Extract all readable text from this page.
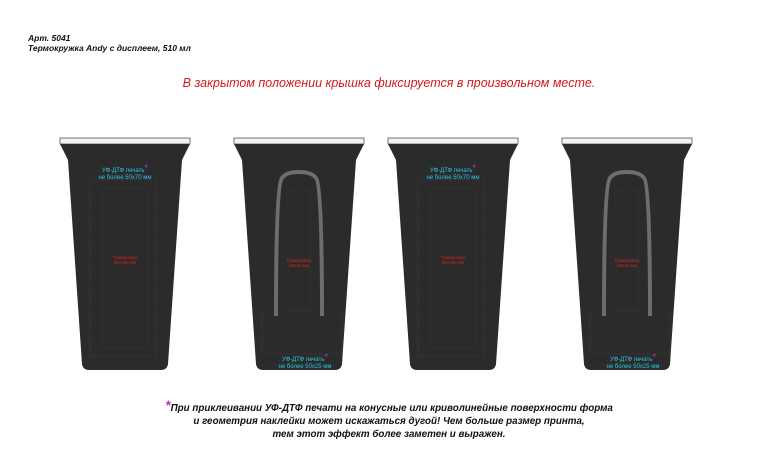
Арт. 5041
Термокружка Andy с дисплеем, 510 мл
В закрытом положении крышка фиксируется в произвольном месте.
УФ-ДТФ печать*
не более 50х70 мм
Гравировка
50х100 мм	Гравировка
50х50 мм
УФ-ДТФ печать*
не более 50х25 мм
УФ-ДТФ печать*
не более 50х70 мм
Гравировка
50х100 мм	Гравировка
50х50 мм
УФ-ДТФ печать*
не более 50х25 мм
*При приклеивании УФ-ДТФ печати на конусные или криволинейные поверхности форма
и геометрия наклейки может искажаться дугой! Чем больше размер принта,
тем этот эффект более заметен и выражен.
